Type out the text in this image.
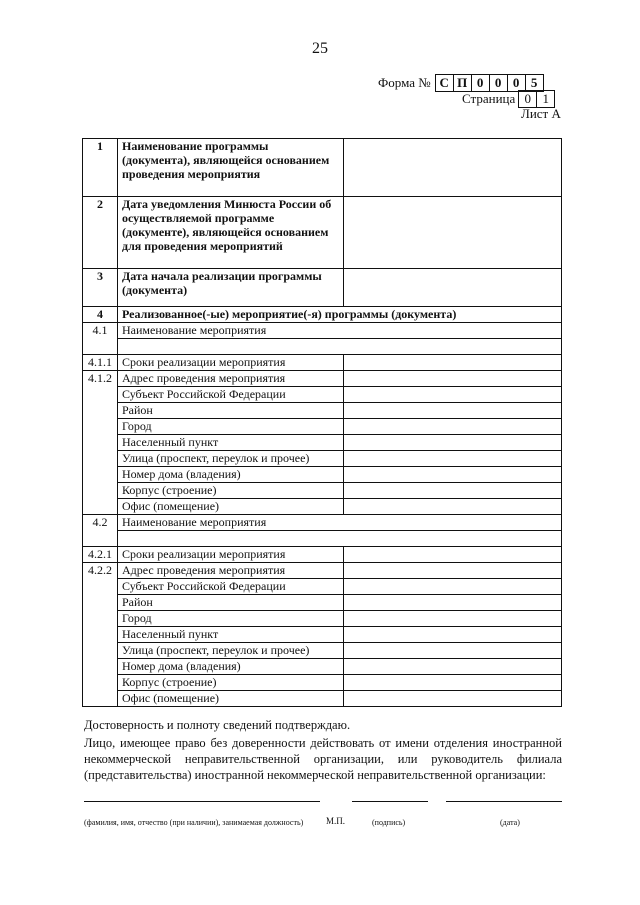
25
Форма № С П 0 0 0 5
Страница 0 1
Лист А
1	Наименование программы (документа), являющейся основанием проведения мероприятия	
2	Дата уведомления Минюста России об осуществляемой программе (документе), являющейся основанием для проведения мероприятий	
3	Дата начала реализации программы (документа)	
4	Реализованное(-ые) мероприятие(-я) программы (документа)	
4.1	Наименование мероприятия	

4.1.1	Сроки реализации мероприятия	
4.1.2	Адрес проведения мероприятия	
	Субъект Российской Федерации	
	Район	
	Город	
	Населенный пункт	
	Улица (проспект, переулок и прочее)	
	Номер дома (владения)	
	Корпус (строение)	
	Офис (помещение)	
4.2	Наименование мероприятия	

4.2.1	Сроки реализации мероприятия	
4.2.2	Адрес проведения мероприятия	
	Субъект Российской Федерации	
	Район	
	Город	
	Населенный пункт	
	Улица (проспект, переулок и прочее)	
	Номер дома (владения)	
	Корпус (строение)	
	Офис (помещение)	
Достоверность и полноту сведений подтверждаю.
Лицо, имеющее право без доверенности действовать от имени отделения иностранной некоммерческой неправительственной организации, или руководитель филиала (представительства) иностранной некоммерческой неправительственной организации:
(фамилия, имя, отчество (при наличии), занимаемая должность)	М.П.	(подпись)	(дата)
